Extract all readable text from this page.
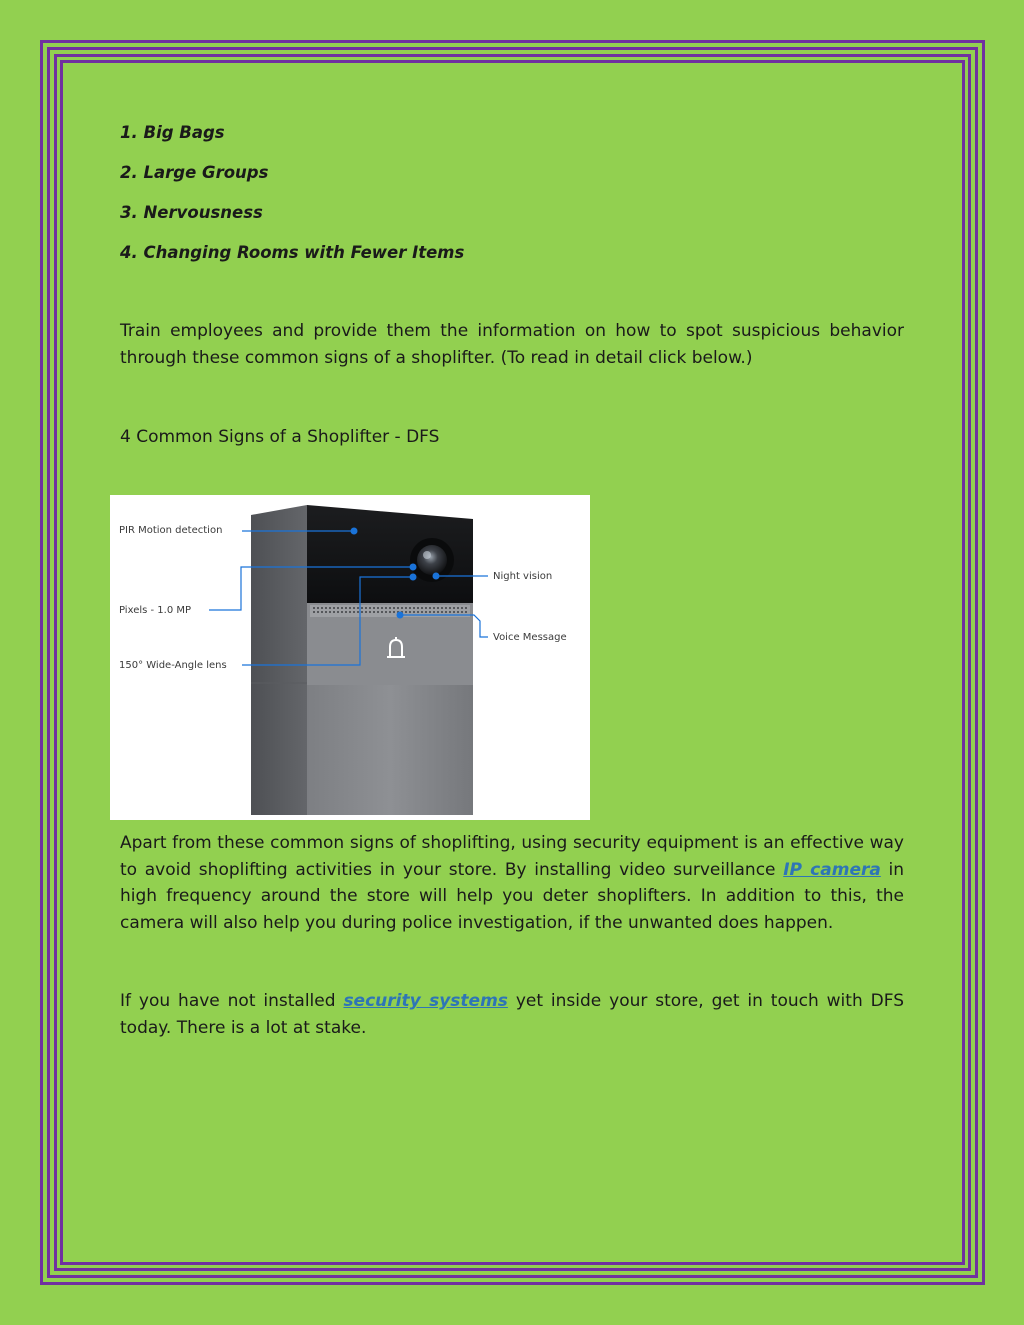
1. Big Bags

2. Large Groups

3. Nervousness

4. Changing Rooms with Fewer Items

Train employees and provide them the information on how to spot suspicious behavior through these common signs of a shoplifter. (To read in detail click below.)

4 Common Signs of a Shoplifter - DFS

Apart from these common signs of shoplifting, using security equipment is an effective way to avoid shoplifting activities in your store. By installing video surveillance IP camera in high frequency around the store will help you deter shoplifters. In addition to this, the camera will also help you during police investigation, if the unwanted does happen.

If you have not installed security systems yet inside your store, get in touch with DFS today. There is a lot at stake.

PIR Motion detection
Pixels - 1.0 MP
150° Wide-Angle lens
Night vision
Voice Message
